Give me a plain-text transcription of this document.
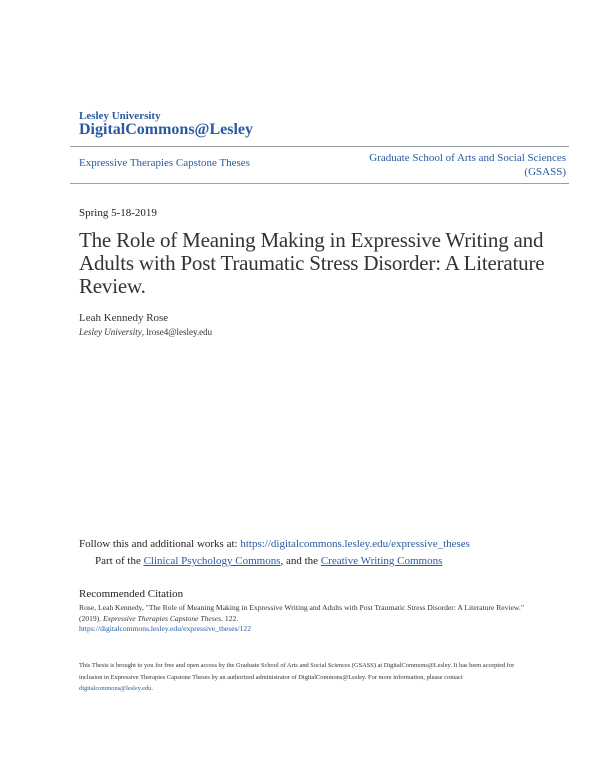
Lesley University
DigitalCommons@Lesley
Expressive Therapies Capstone Theses	Graduate School of Arts and Social Sciences (GSASS)
Spring 5-18-2019
The Role of Meaning Making in Expressive Writing and Adults with Post Traumatic Stress Disorder: A Literature Review.
Leah Kennedy Rose
Lesley University, lrose4@lesley.edu
Follow this and additional works at: https://digitalcommons.lesley.edu/expressive_theses
Part of the Clinical Psychology Commons, and the Creative Writing Commons
Recommended Citation
Rose, Leah Kennedy, "The Role of Meaning Making in Expressive Writing and Adults with Post Traumatic Stress Disorder: A Literature Review." (2019). Expressive Therapies Capstone Theses. 122.
https://digitalcommons.lesley.edu/expressive_theses/122
This Thesis is brought to you for free and open access by the Graduate School of Arts and Social Sciences (GSASS) at DigitalCommons@Lesley. It has been accepted for inclusion in Expressive Therapies Capstone Theses by an authorized administrator of DigitalCommons@Lesley. For more information, please contact digitalcommons@lesley.edu.
